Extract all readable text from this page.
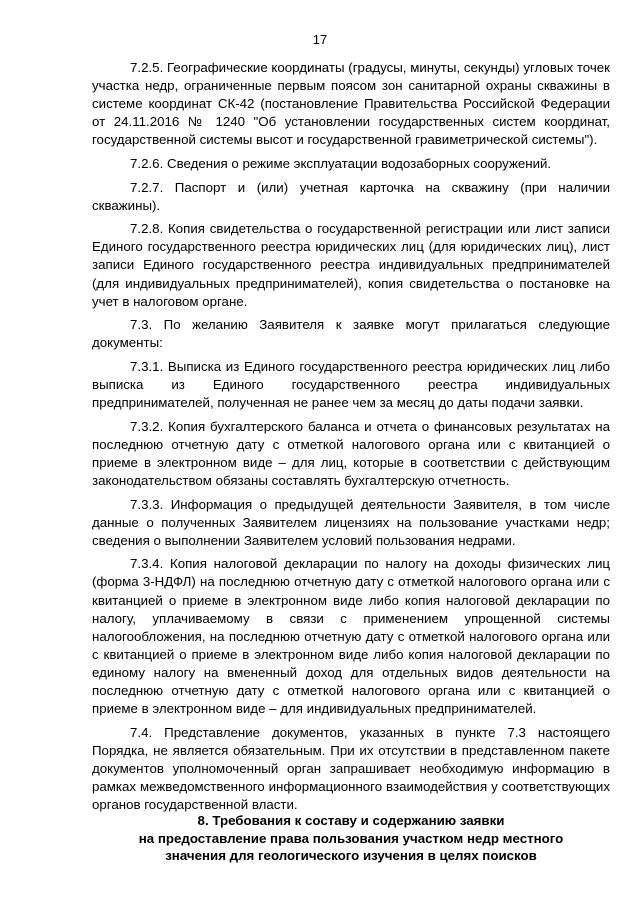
17

7.2.5. Географические координаты (градусы, минуты, секунды) угловых точек участка недр, ограниченные первым поясом зон санитарной охраны скважины в системе координат СК-42 (постановление Правительства Российской Федерации от 24.11.2016 № 1240 "Об установлении государственных систем координат, государственной системы высот и государственной гравиметрической системы").

7.2.6. Сведения о режиме эксплуатации водозаборных сооружений.

7.2.7. Паспорт и (или) учетная карточка на скважину (при наличии скважины).

7.2.8. Копия свидетельства о государственной регистрации или лист записи Единого государственного реестра юридических лиц (для юридических лиц), лист записи Единого государственного реестра индивидуальных предпринимателей (для индивидуальных предпринимателей), копия свидетельства о постановке на учет в налоговом органе.

7.3. По желанию Заявителя к заявке могут прилагаться следующие документы:

7.3.1. Выписка из Единого государственного реестра юридических лиц либо выписка из Единого государственного реестра индивидуальных предпринимателей, полученная не ранее чем за месяц до даты подачи заявки.

7.3.2. Копия бухгалтерского баланса и отчета о финансовых результатах на последнюю отчетную дату с отметкой налогового органа или с квитанцией о приеме в электронном виде – для лиц, которые в соответствии с действующим законодательством обязаны составлять бухгалтерскую отчетность.

7.3.3. Информация о предыдущей деятельности Заявителя, в том числе данные о полученных Заявителем лицензиях на пользование участками недр; сведения о выполнении Заявителем условий пользования недрами.

7.3.4. Копия налоговой декларации по налогу на доходы физических лиц (форма 3-НДФЛ) на последнюю отчетную дату с отметкой налогового органа или с квитанцией о приеме в электронном виде либо копия налоговой декларации по налогу, уплачиваемому в связи с применением упрощенной системы налогообложения, на последнюю отчетную дату с отметкой налогового органа или с квитанцией о приеме в электронном виде либо копия налоговой декларации по единому налогу на вмененный доход для отдельных видов деятельности на последнюю отчетную дату с отметкой налогового органа или с квитанцией о приеме в электронном виде – для индивидуальных предпринимателей.

7.4. Представление документов, указанных в пункте 7.3 настоящего Порядка, не является обязательным. При их отсутствии в представленном пакете документов уполномоченный орган запрашивает необходимую информацию в рамках межведомственного информационного взаимодействия у соответствующих органов государственной власти.

8. Требования к составу и содержанию заявки
на предоставление права пользования участком недр местного
значения для геологического изучения в целях поисков
